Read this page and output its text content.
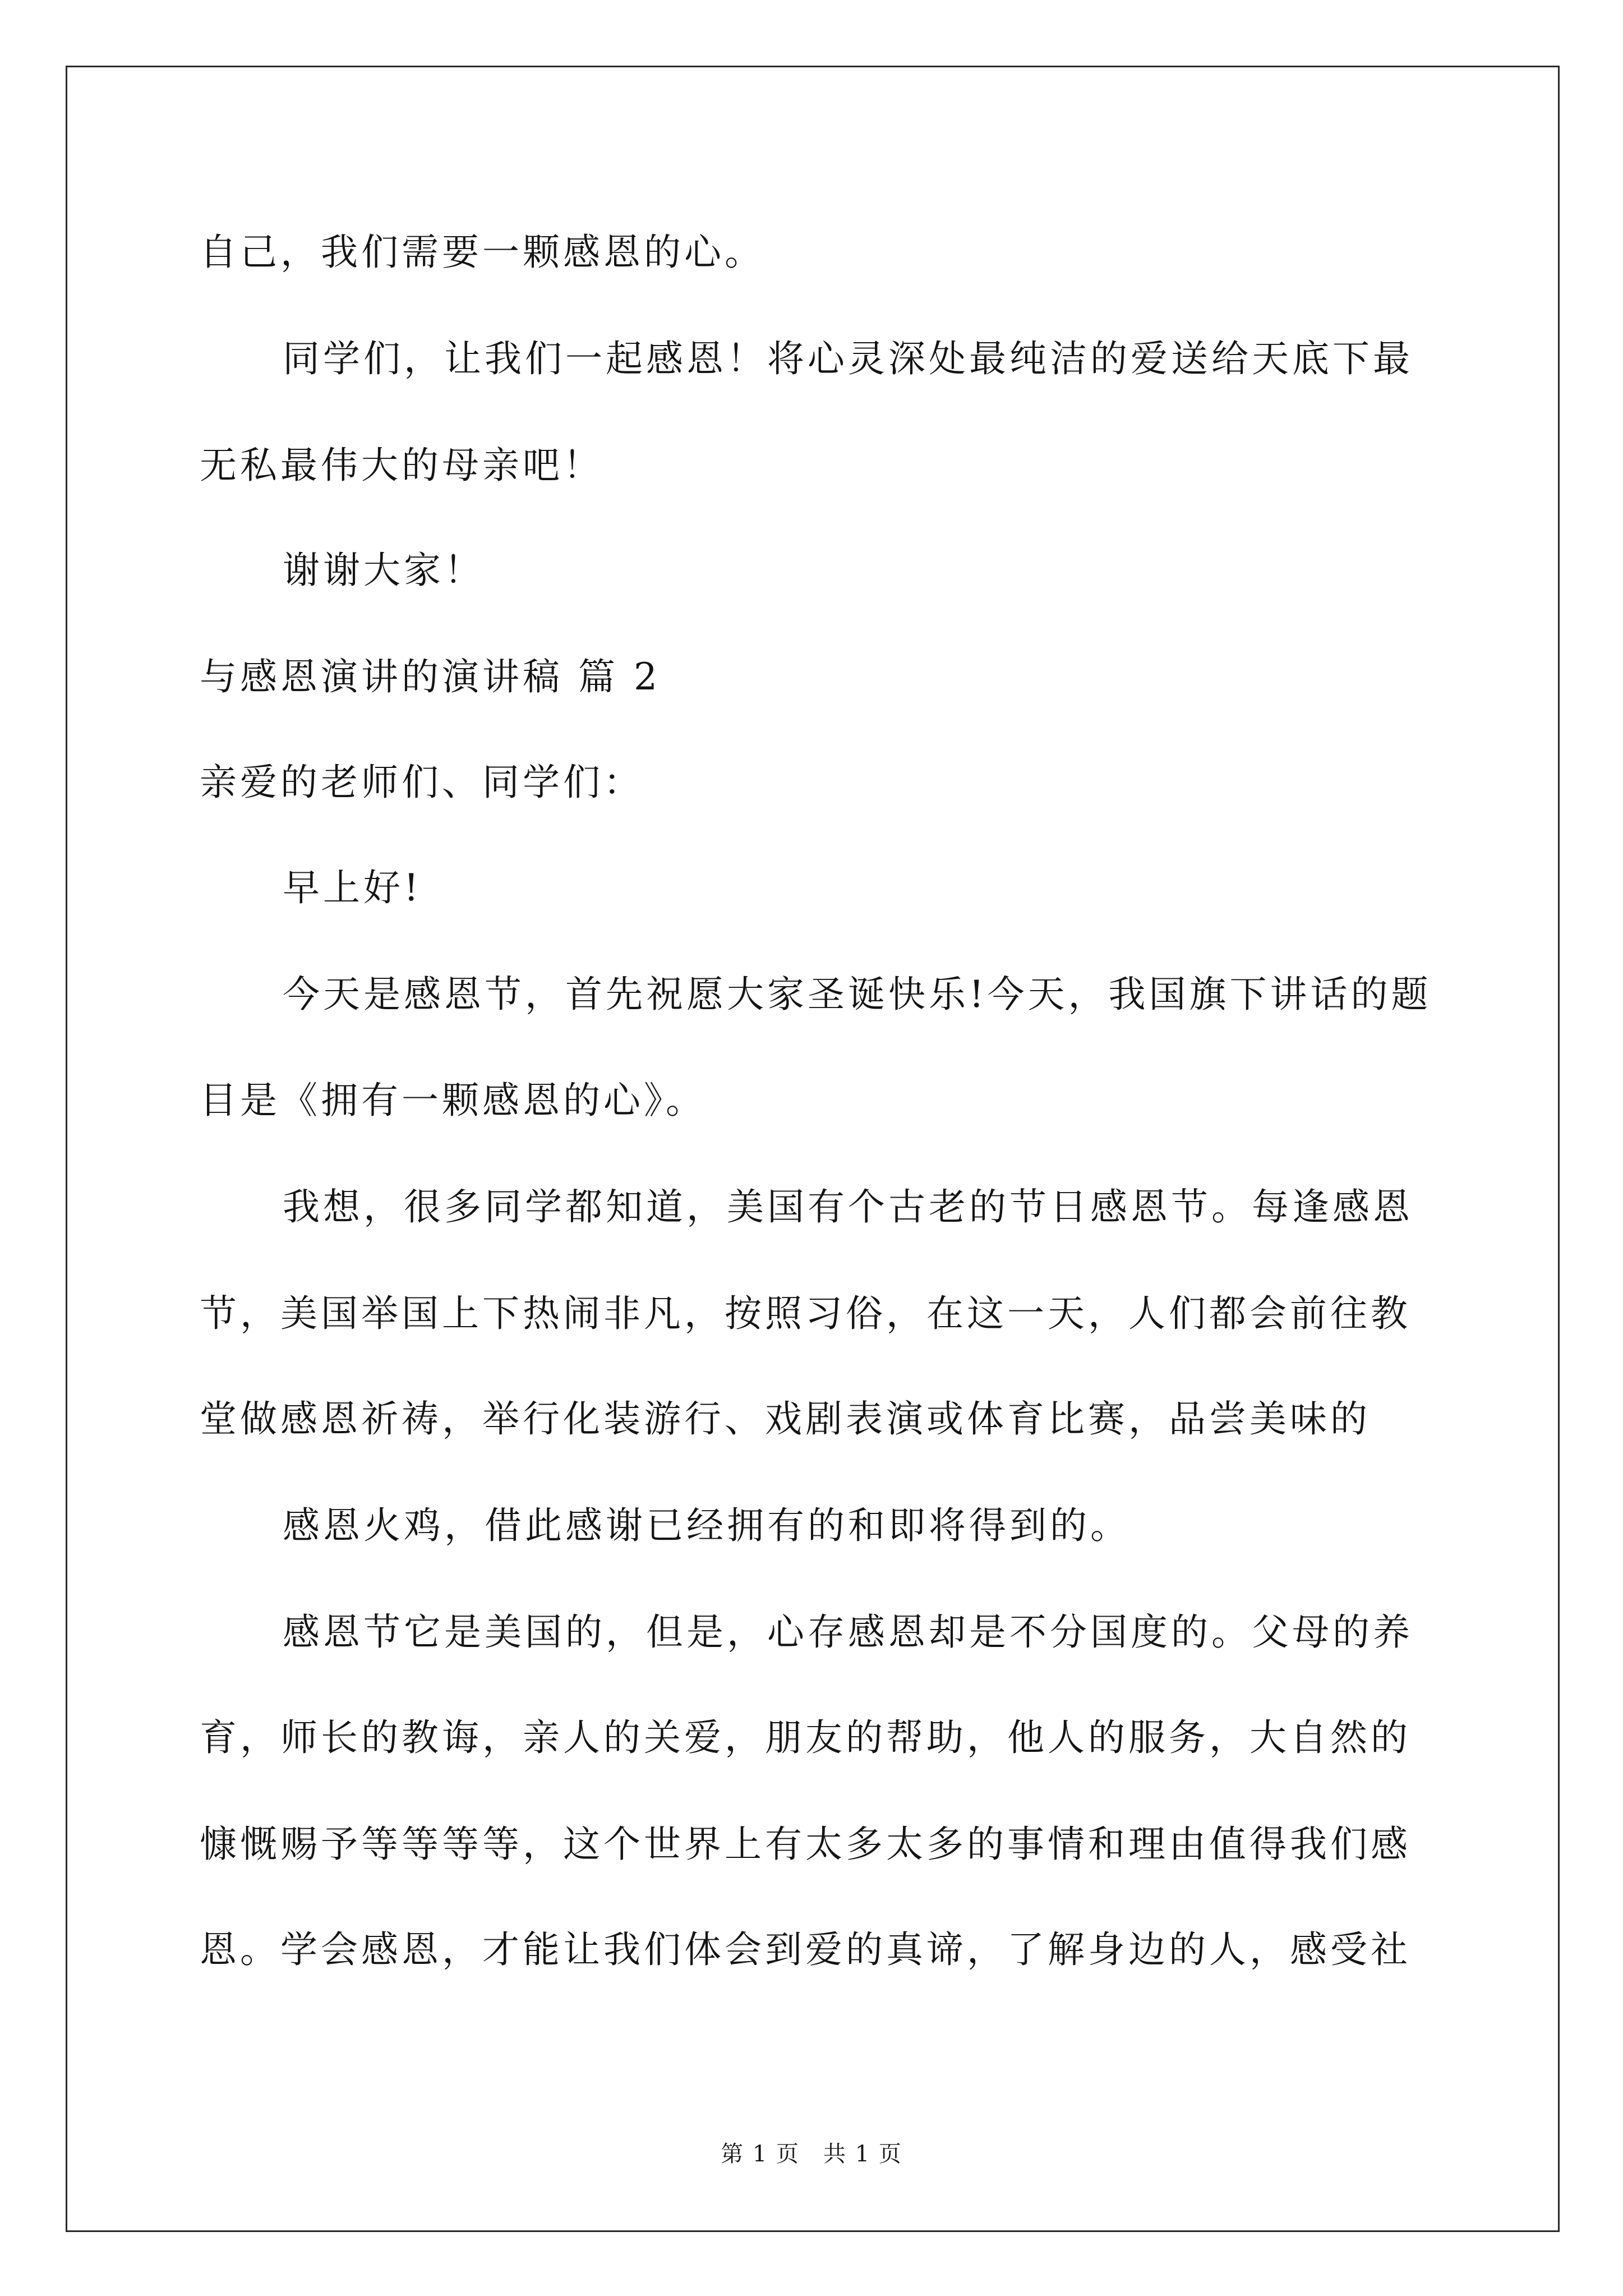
自己，我们需要一颗感恩的心。
同学们，让我们一起感恩！将心灵深处最纯洁的爱送给天底下最
无私最伟大的母亲吧！
谢谢大家！
与感恩演讲的演讲稿 篇 2
亲爱的老师们、同学们：
早上好!
今天是感恩节，首先祝愿大家圣诞快乐!今天，我国旗下讲话的题
目是《拥有一颗感恩的心》。
我想，很多同学都知道，美国有个古老的节日感恩节。每逢感恩
节，美国举国上下热闹非凡，按照习俗，在这一天，人们都会前往教
堂做感恩祈祷，举行化装游行、戏剧表演或体育比赛，品尝美味的
感恩火鸡，借此感谢已经拥有的和即将得到的。
感恩节它是美国的，但是，心存感恩却是不分国度的。父母的养
育，师长的教诲，亲人的关爱，朋友的帮助，他人的服务，大自然的
慷慨赐予等等等等，这个世界上有太多太多的事情和理由值得我们感
恩。学会感恩，才能让我们体会到爱的真谛，了解身边的人，感受社
第 1 页　共 1 页
